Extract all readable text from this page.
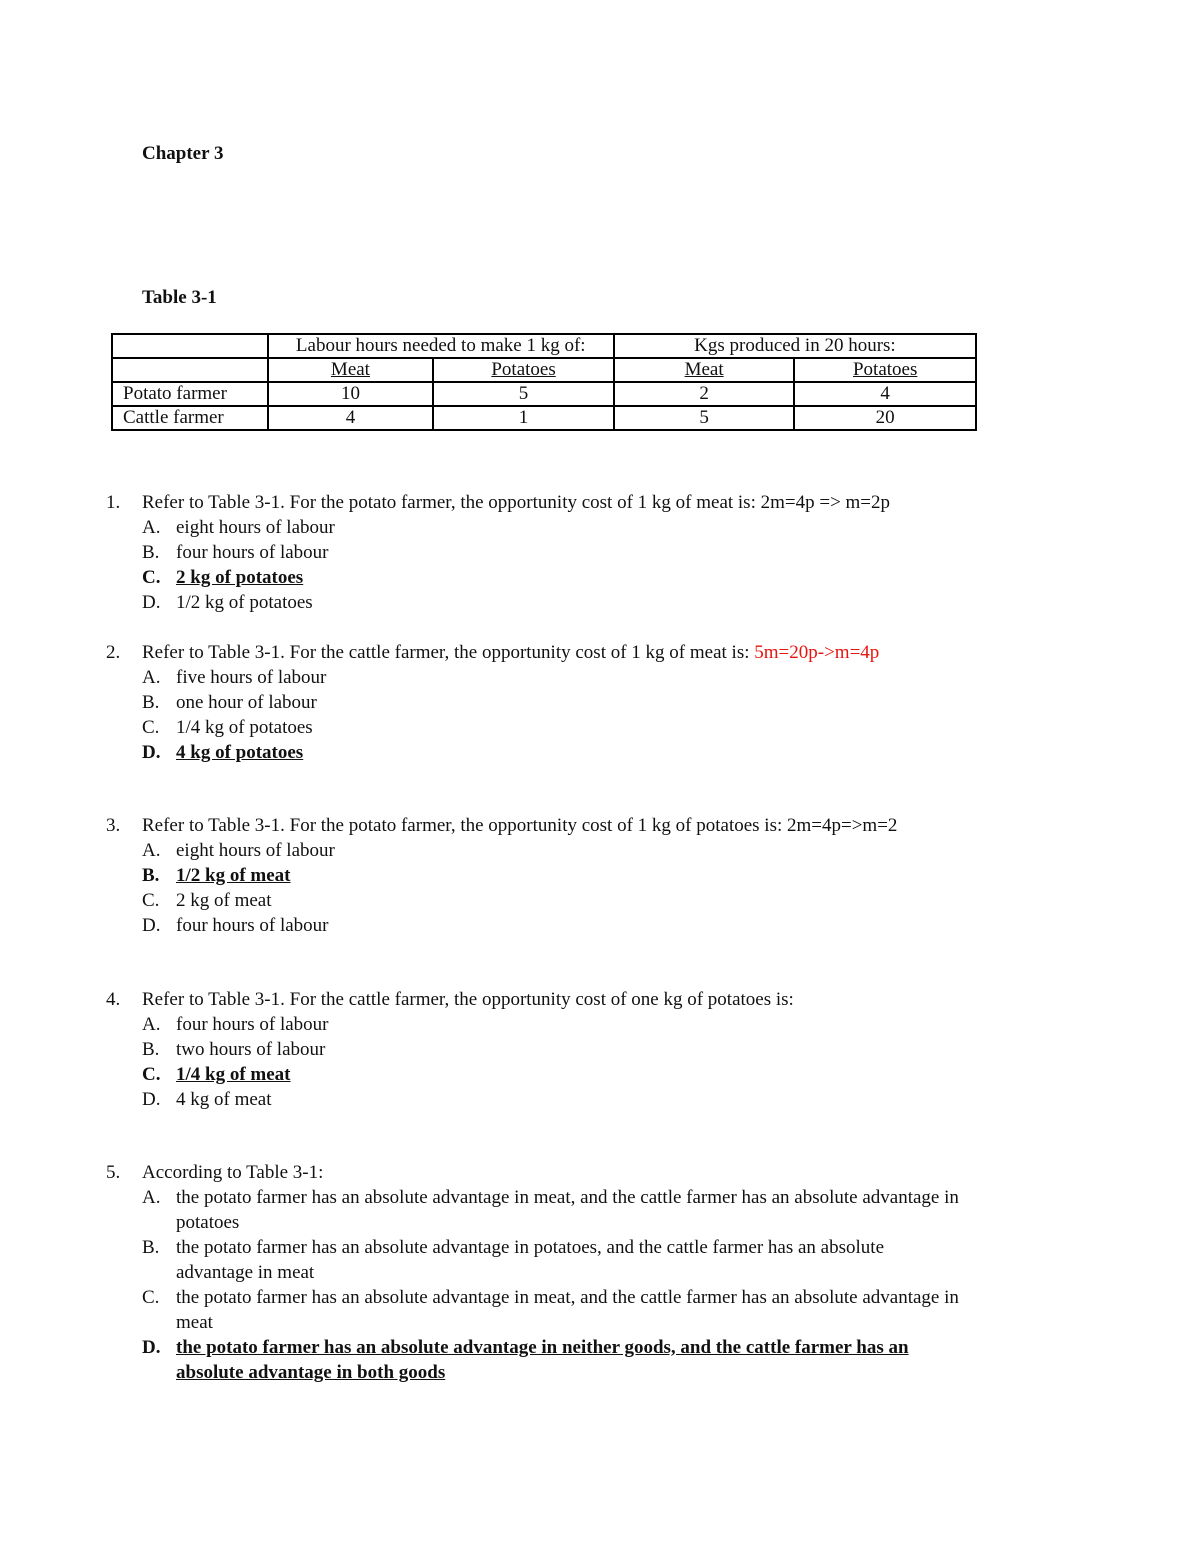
Chapter 3
Table 3-1
	Labour hours needed to make 1 kg of:		Kgs produced in 20 hours:	
	Meat	Potatoes	Meat	Potatoes
Potato farmer	10	5	2	4
Cattle farmer	4	1	5	20
1. Refer to Table 3-1. For the potato farmer, the opportunity cost of 1 kg of meat is: 2m=4p => m=2p
A. eight hours of labour
B. four hours of labour
C. 2 kg of potatoes
D. 1/2 kg of potatoes
2. Refer to Table 3-1. For the cattle farmer, the opportunity cost of 1 kg of meat is: 5m=20p->m=4p
A. five hours of labour
B. one hour of labour
C. 1/4 kg of potatoes
D. 4 kg of potatoes
3. Refer to Table 3-1. For the potato farmer, the opportunity cost of 1 kg of potatoes is: 2m=4p=>m=2
A. eight hours of labour
B. 1/2 kg of meat
C. 2 kg of meat
D. four hours of labour
4. Refer to Table 3-1. For the cattle farmer, the opportunity cost of one kg of potatoes is:
A. four hours of labour
B. two hours of labour
C. 1/4 kg of meat
D. 4 kg of meat
5. According to Table 3-1:
A. the potato farmer has an absolute advantage in meat, and the cattle farmer has an absolute advantage in potatoes
B. the potato farmer has an absolute advantage in potatoes, and the cattle farmer has an absolute advantage in meat
C. the potato farmer has an absolute advantage in meat, and the cattle farmer has an absolute advantage in meat
D. the potato farmer has an absolute advantage in neither goods, and the cattle farmer has an absolute advantage in both goods
